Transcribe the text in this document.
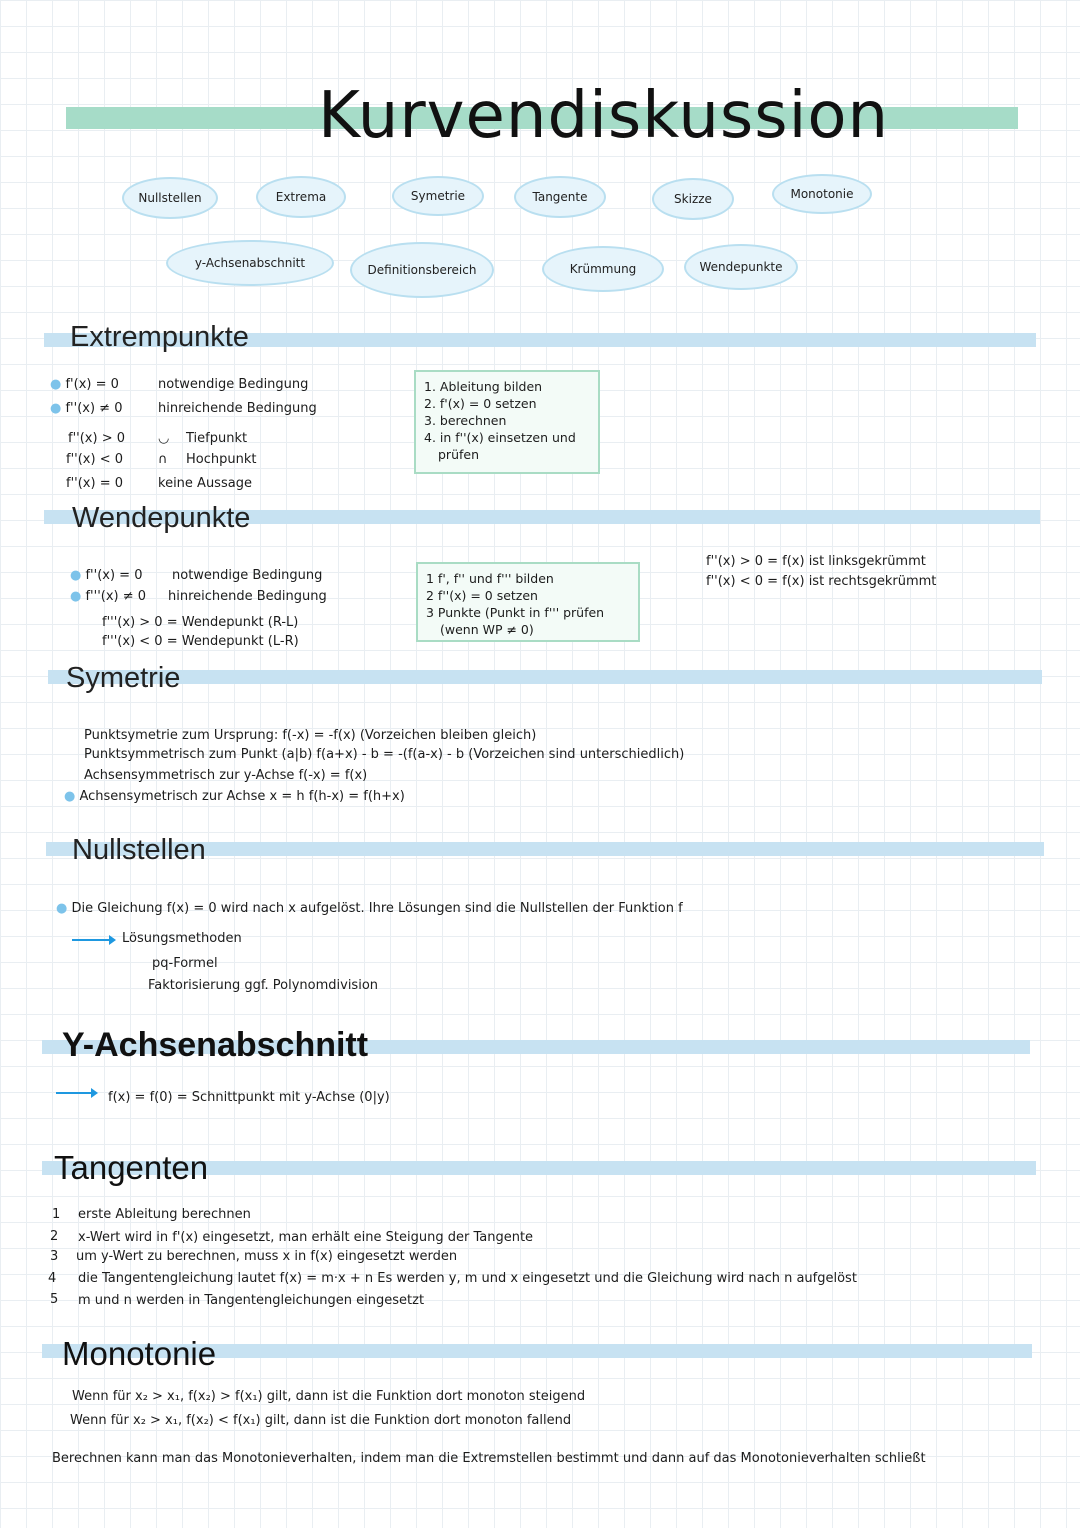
Kurvendiskussion
Nullstellen	Extrema	Symetrie	Tangente	Skizze	Monotonie
y-Achsenabschnitt	Definitionsbereich	Krümmung	Wendepunkte
Extrempunkte
● f'(x) = 0	notwendige Bedingung
● f''(x) ≠ 0	hinreichende Bedingung
f''(x) > 0	◡ Tiefpunkt
f''(x) < 0	∩ Hochpunkt
f''(x) = 0	keine Aussage
1. Ableitung bilden
2. f'(x) = 0 setzen
3. berechnen
4. in f''(x) einsetzen und
prüfen
Wendepunkte
● f''(x) = 0 notwendige Bedingung
● f'''(x) ≠ 0 hinreichende Bedingung
f'''(x) > 0 = Wendepunkt (R-L)
f'''(x) < 0 = Wendepunkt (L-R)
1 f', f'' und f''' bilden
2 f''(x) = 0 setzen
3 Punkte (Punkt in f''' prüfen
(wenn WP ≠ 0)
f''(x) > 0 = f(x) ist linksgekrümmt
f''(x) < 0 = f(x) ist rechtsgekrümmt
Symetrie
Punktsymetrie zum Ursprung: f(-x) = -f(x) (Vorzeichen bleiben gleich)
Punktsymmetrisch zum Punkt (a|b) f(a+x) - b = -(f(a-x) - b (Vorzeichen sind unterschiedlich)
Achsensymmetrisch zur y-Achse f(-x) = f(x)
● Achsensymetrisch zur Achse x = h f(h-x) = f(h+x)
Nullstellen
● Die Gleichung f(x) = 0 wird nach x aufgelöst. Ihre Lösungen sind die Nullstellen der Funktion f
Lösungsmethoden
pq-Formel
Faktorisierung ggf. Polynomdivision
Y-Achsenabschnitt
f(x) = f(0) = Schnittpunkt mit y-Achse (0|y)
Tangenten
1 erste Ableitung berechnen
2 x-Wert wird in f'(x) eingesetzt, man erhält eine Steigung der Tangente
3 um y-Wert zu berechnen, muss x in f(x) eingesetzt werden
4 die Tangentengleichung lautet f(x) = m·x + n Es werden y, m und x eingesetzt und die Gleichung wird nach n aufgelöst
5 m und n werden in Tangentengleichungen eingesetzt
Monotonie
Wenn für x₂ > x₁, f(x₂) > f(x₁) gilt, dann ist die Funktion dort monoton steigend
Wenn für x₂ > x₁, f(x₂) < f(x₁) gilt, dann ist die Funktion dort monoton fallend
Berechnen kann man das Monotonieverhalten, indem man die Extremstellen bestimmt und dann auf das Monotonieverhalten schließt
